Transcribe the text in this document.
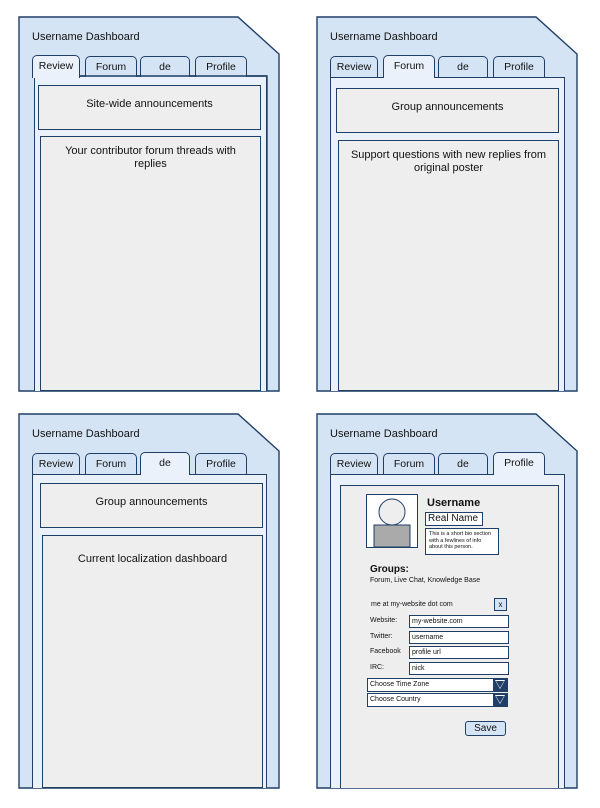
Username Dashboard
Review	Forum	de	Profile
Site-wide announcements
Your contributor forum threads with replies
Username Dashboard
Review	Forum	de	Profile
Group announcements
Support questions with new replies from original poster
Username Dashboard
Review	Forum	de	Profile
Group announcements
Current localization dashboard
Username Dashboard
Review	Forum	de	Profile
Username
Real Name
This is a short bio section with a fewlines of info about this person.
Groups:
Forum, Live Chat, Knowledge Base
me at my-website dot com	x
Website:	my-website.com
Twitter:	username
Facebook	profile url
IRC:	nick
Choose Time Zone
Choose Country
Save
